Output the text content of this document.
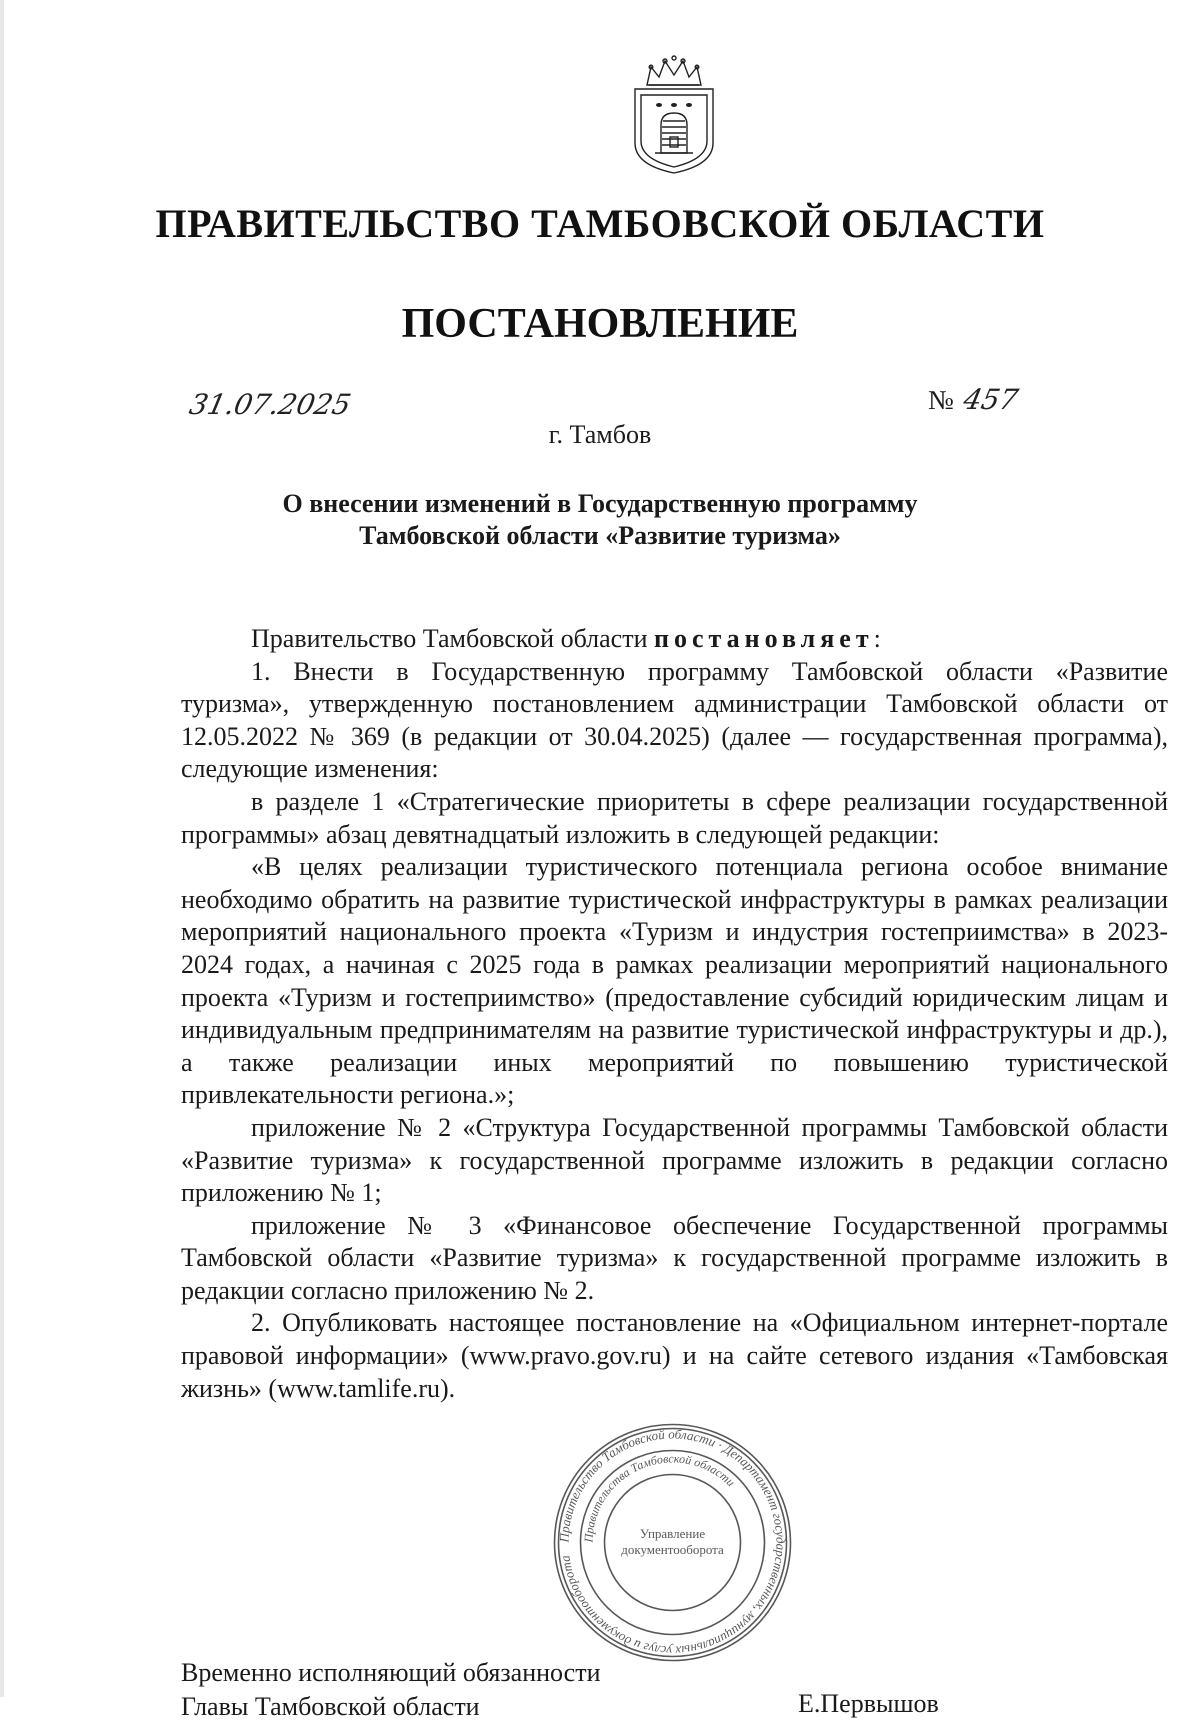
ПРАВИТЕЛЬСТВО ТАМБОВСКОЙ ОБЛАСТИ
ПОСТАНОВЛЕНИЕ
31.07.2025	№ 457
г. Тамбов
О внесении изменений в Государственную программу
Тамбовской области «Развитие туризма»

Правительство Тамбовской области постановляет:

1. Внести в Государственную программу Тамбовской области «Развитие туризма», утвержденную постановлением администрации Тамбовской области от 12.05.2022 № 369 (в редакции от 30.04.2025) (далее — государственная программа), следующие изменения:

в разделе 1 «Стратегические приоритеты в сфере реализации государственной программы» абзац девятнадцатый изложить в следующей редакции:

«В целях реализации туристического потенциала региона особое внимание необходимо обратить на развитие туристической инфраструктуры в рамках реализации мероприятий национального проекта «Туризм и индустрия гостеприимства» в 2023-2024 годах, а начиная с 2025 года в рамках реализации мероприятий национального проекта «Туризм и гостеприимство» (предоставление субсидий юридическим лицам и индивидуальным предпринимателям на развитие туристической инфраструктуры и др.), а также реализации иных мероприятий по повышению туристической привлекательности региона.»;

приложение № 2 «Структура Государственной программы Тамбовской области «Развитие туризма» к государственной программе изложить в редакции согласно приложению № 1;

приложение № 3 «Финансовое обеспечение Государственной программы Тамбовской области «Развитие туризма» к государственной программе изложить в редакции согласно приложению № 2.

2. Опубликовать настоящее постановление на «Официальном интернет-портале правовой информации» (www.pravo.gov.ru) и на сайте сетевого издания «Тамбовская жизнь» (www.tamlife.ru).

Правительство Тамбовской области · Департамент государственных, муниципальных услуг и документооборота
Правительства Тамбовской области
Управление
документооборота
Временно исполняющий обязанности
Главы Тамбовской области	Е.Первышов
